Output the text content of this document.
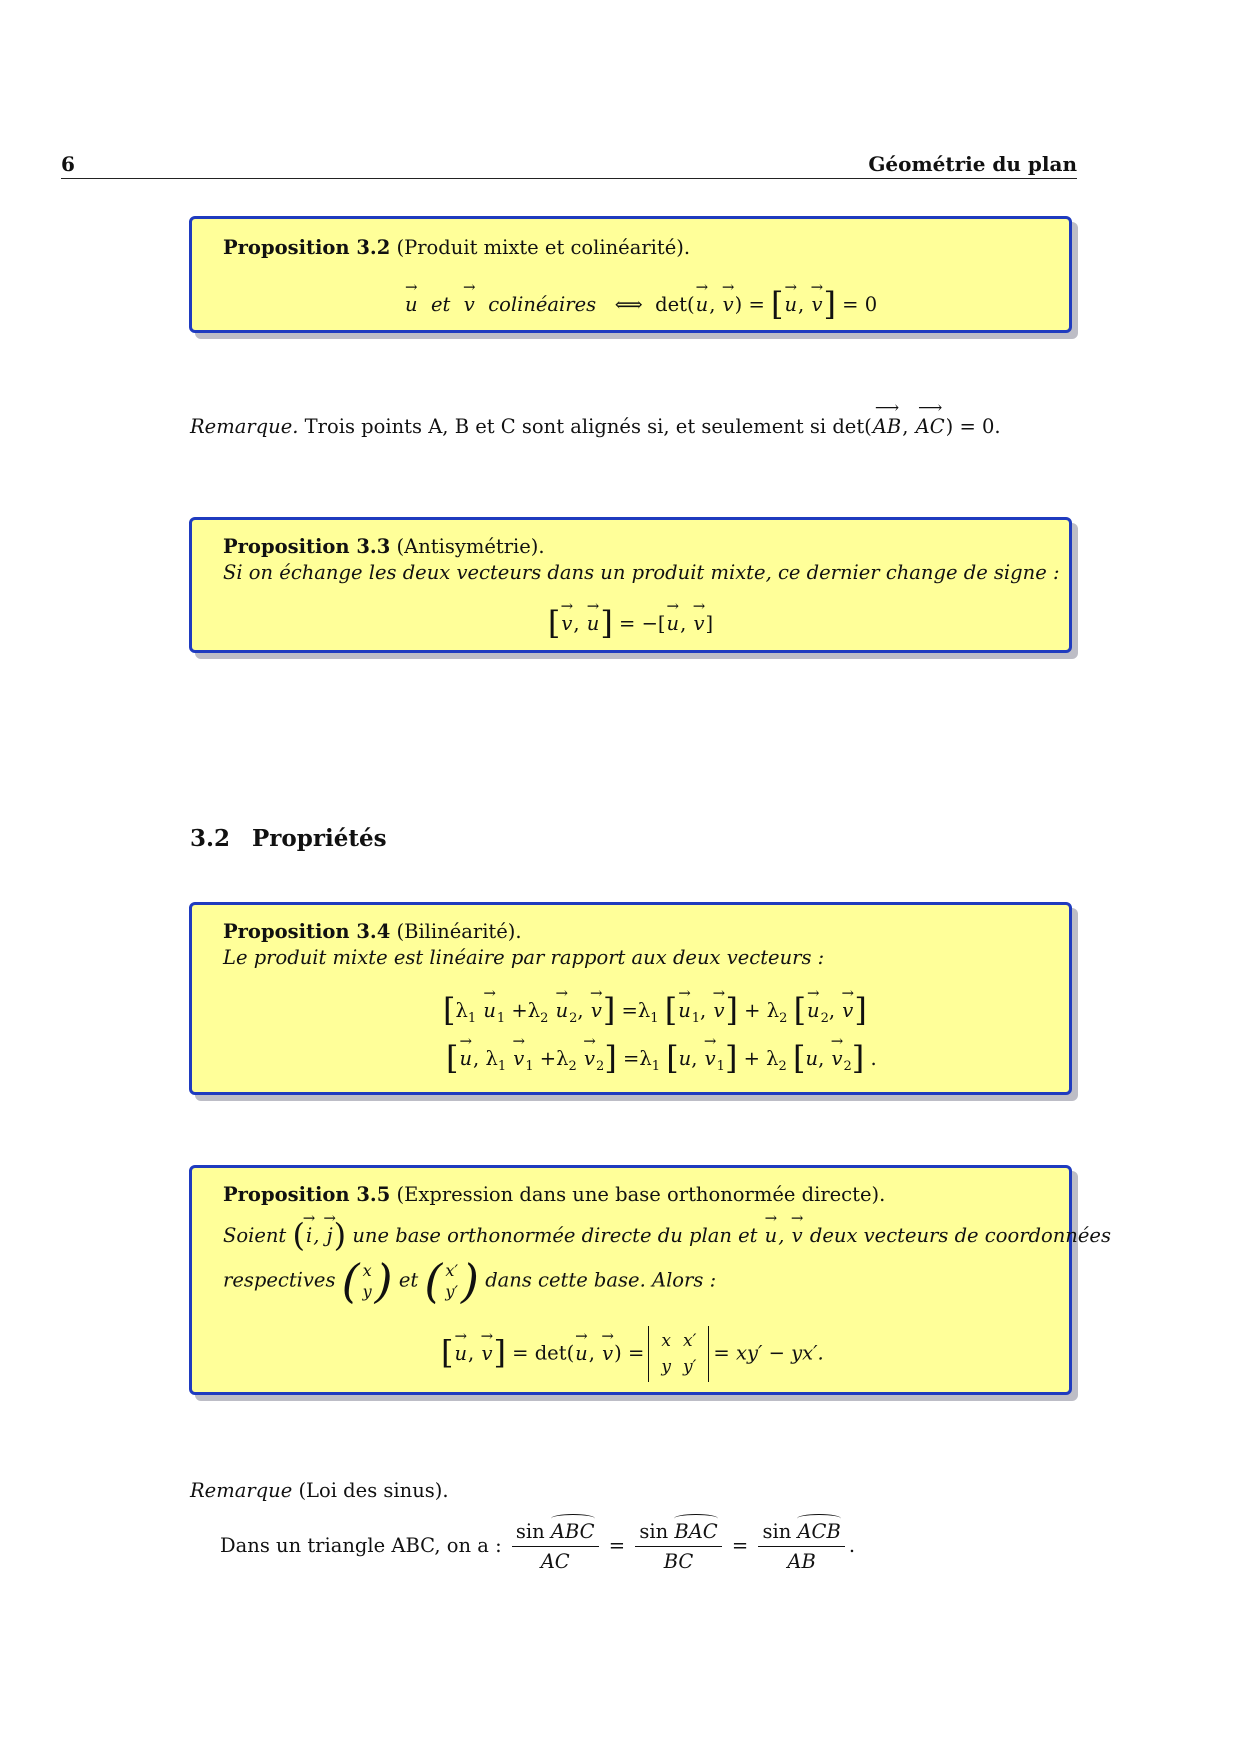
6	Géométrie du plan
Proposition 3.2 (Produit mixte et colinéarité).
→ u et → v colinéaires ⟺ det(→ u, → v) = [→ u, → v] = 0
Remarque. Trois points A, B et C sont alignés si, et seulement si det(⟶ AB, ⟶ AC) = 0.
Proposition 3.3 (Antisymétrie).
Si on échange les deux vecteurs dans un produit mixte, ce dernier change de signe :
[→ v, → u] = −[→ u, → v]
3.2 Propriétés
Proposition 3.4 (Bilinéarité).
Le produit mixte est linéaire par rapport aux deux vecteurs :
[$\lambda_1 \to u_1 +\lambda_2 \to u_2$, → $v] =\lambda_1$ [→ $u_1$, → $v] + \lambda_2$ [→ $u_2$, → v]
[→ u, $\lambda_1 \to v_1 +\lambda_2 \to v_2] =\lambda_1$ [u, → $v_1] + \lambda_2$ [u, → $v_2$] .
Proposition 3.5 (Expression dans une base orthonormée directe).
Soient (→ i, → j) une base orthonormée directe du plan et → u, → v deux vecteurs de coordonnées
respectives ( x
y ) et ( x′
y′ ) dans cette base. Alors :
[→ u, → v] = det(→ u, → v) =
x
y
x′
y′
= xy′ − yx′.
Remarque (Loi des sinus).
Dans un triangle ABC, on a : $\frac{\text{sin ABC}}{AC} = \frac{\text{sin BAC}}{BC} = \frac{\text{sin ACB}}{AB}$ .
